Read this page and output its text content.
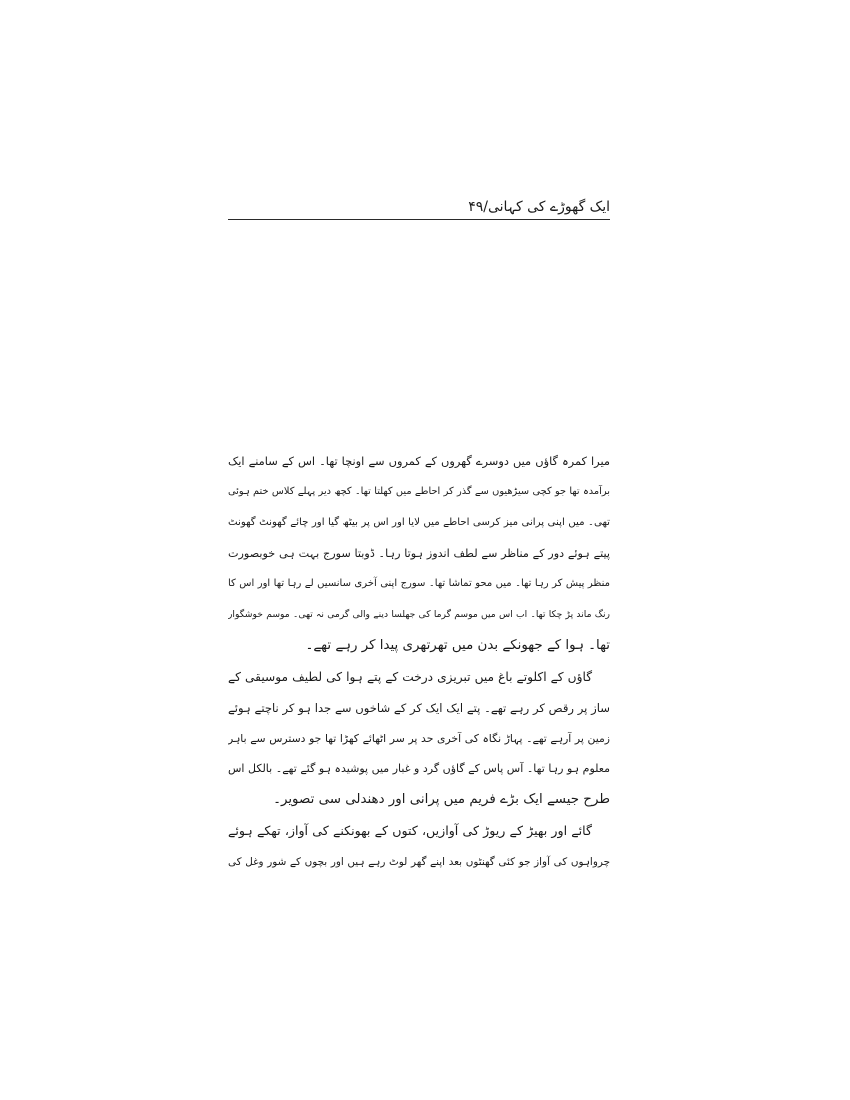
ایک گھوڑے کی کہانی/۴۹
میرا کمرہ گاؤں میں دوسرے گھروں کے کمروں سے اونچا تھا۔ اس کے سامنے ایک
برآمدہ تھا جو کچی سیڑھیوں سے گذر کر احاطے میں کھلتا تھا۔ کچھ دیر پہلے کلاس ختم ہوئی
تھی۔ میں اپنی پرانی میز کرسی احاطے میں لایا اور اس پر بیٹھ گیا اور چائے گھونٹ گھونٹ
پیتے ہوئے دور کے مناظر سے لطف اندوز ہوتا رہا۔ ڈوبتا سورج بہت ہی خوبصورت
منظر پیش کر رہا تھا۔ میں محو تماشا تھا۔ سورج اپنی آخری سانسیں لے رہا تھا اور اس کا
رنگ ماند پڑ چکا تھا۔ اب اس میں موسم گرما کی جھلسا دینے والی گرمی نہ تھی۔ موسم خوشگوار
تھا۔ ہوا کے جھونکے بدن میں تھرتھری پیدا کر رہے تھے۔
گاؤں کے اکلوتے باغ میں تبریزی درخت کے پتے ہوا کی لطیف موسیقی کے
ساز پر رقص کر رہے تھے۔ پتے ایک ایک کر کے شاخوں سے جدا ہو کر ناچتے ہوئے
زمین پر آرہے تھے۔ پہاڑ نگاہ کی آخری حد پر سر اٹھائے کھڑا تھا جو دسترس سے باہر
معلوم ہو رہا تھا۔ آس پاس کے گاؤں گرد و غبار میں پوشیدہ ہو گئے تھے۔ بالکل اس
طرح جیسے ایک بڑے فریم میں پرانی اور دھندلی سی تصویر۔
گائے اور بھیڑ کے ریوڑ کی آوازیں، کتوں کے بھونکنے کی آواز، تھکے ہوئے
چرواہوں کی آواز جو کئی گھنٹوں بعد اپنے گھر لوٹ رہے ہیں اور بچوں کے شور وغل کی
